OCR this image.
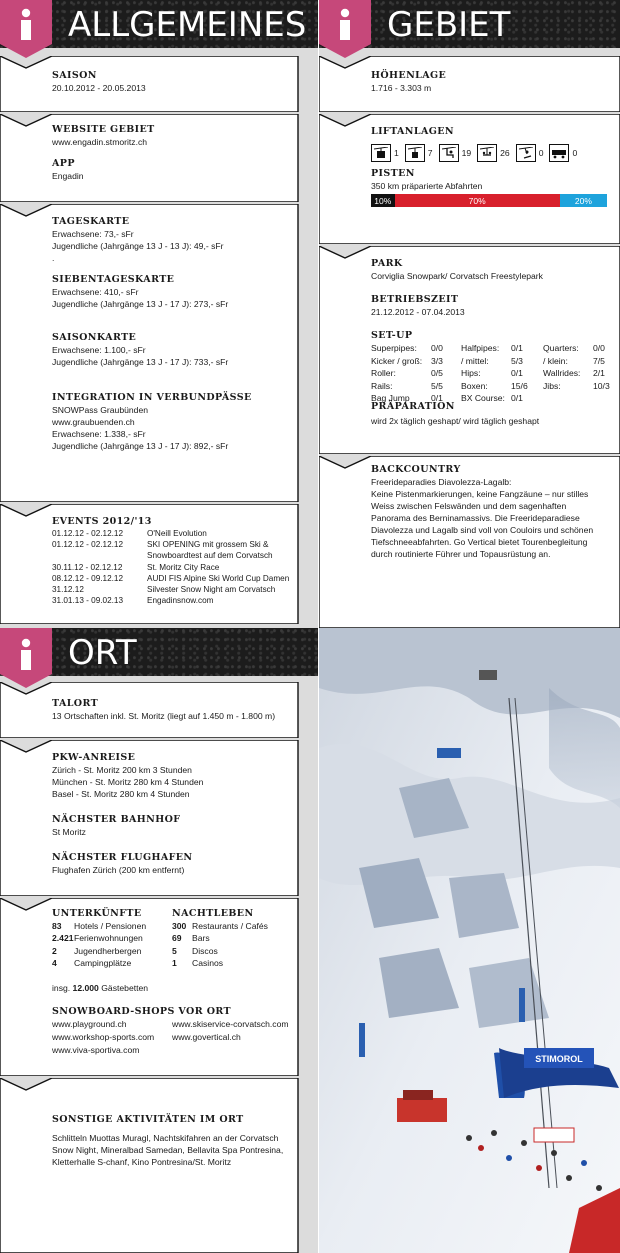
ALLGEMEINES
SAISON
20.10.2012 - 20.05.2013
WEBSITE GEBIET
www.engadin.stmoritz.ch
APP
Engadin
TAGESKARTE
Erwachsene: 73,- sFr
Jugendliche (Jahrgänge 13 J - 13 J): 49,- sFr
.
SIEBENTAGESKARTE
Erwachsene: 410,- sFr
Jugendliche (Jahrgänge 13 J - 17 J): 273,- sFr
SAISONKARTE
Erwachsene: 1.100,- sFr
Jugendliche (Jahrgänge 13 J - 17 J): 733,- sFr
INTEGRATION IN VERBUNDPÄSSE
SNOWPass Graubünden
www.graubuenden.ch
Erwachsene: 1.338,- sFr
Jugendliche (Jahrgänge 13 J - 17 J): 892,- sFr
EVENTS 2012/'13
01.12.12 - 02.12.12	O'Neill Evolution
01.12.12 - 02.12.12	SKI OPENING mit grossem Ski &
Snowboardtest auf dem Corvatsch
30.11.12 - 02.12.12	St. Moritz City Race
08.12.12 - 09.12.12	AUDI FIS Alpine Ski World Cup Damen
31.12.12	Silvester Snow Night am Corvatsch
31.01.13 - 09.02.13	Engadinsnow.com
ORT
TALORT
13 Ortschaften inkl. St. Moritz (liegt auf 1.450 m - 1.800 m)
PKW-ANREISE
Zürich - St. Moritz 200 km 3 Stunden
München - St. Moritz 280 km 4 Stunden
Basel - St. Moritz 280 km 4 Stunden
NÄCHSTER BAHNHOF
St Moritz
NÄCHSTER FLUGHAFEN
Flughafen Zürich (200 km entfernt)
UNTERKÜNFTE
83	Hotels / Pensionen
2.421 Ferienwohnungen
2	Jugendherbergen
4	Campingplätze
NACHTLEBEN
300 Restaurants / Cafés
69	Bars
5	Discos
1	Casinos
insg. 12.000 Gästebetten
SNOWBOARD-SHOPS VOR ORT
www.playground.ch	www.skiservice-corvatsch.com
www.workshop-sports.com	www.govertical.ch
www.viva-sportiva.com
SONSTIGE AKTIVITÄTEN IM ORT
Schlitteln Muottas Muragl, Nachtskifahren an der Corvatsch
Snow Night, Mineralbad Samedan, Bellavita Spa Pontresina,
Kletterhalle S-chanf, Kino Pontresina/St. Moritz
GEBIET
HÖHENLAGE
1.716 - 3.303 m
LIFTANLAGEN
1	7	19	26	0	0
PISTEN
350 km präparierte Abfahrten
10%	70%	20%
PARK
Corviglia Snowpark/ Corvatsch Freestylepark
BETRIEBSZEIT
21.12.2012 - 07.04.2013
SET-UP
Superpipes:	0/0	Halfpipes:	0/1	Quarters:	0/0
Kicker / groß:	3/3	/ mittel:	5/3	/ klein:	7/5
Roller:	0/5	Hips:	0/1	Wallrides:	2/1
Rails:	5/5	Boxen:	15/6	Jibs:	10/3
Bag Jump	0/1	BX Course: 0/1
PRÄPARATION
wird 2x täglich geshapt/ wird täglich geshapt
BACKCOUNTRY
Freerideparadies Diavolezza-Lagalb:
Keine Pistenmarkierungen, keine Fangzäune – nur stilles
Weiss zwischen Felswänden und dem sagenhaften
Panorama des Berninamassivs. Die Freerideparadiese
Diavolezza und Lagalb sind voll von Couloirs und schönen
Tiefschneeabfahrten. Go Vertical bietet Tourenbegleitung
durch routinierte Führer und Topausrüstung an.
STIMOROL
